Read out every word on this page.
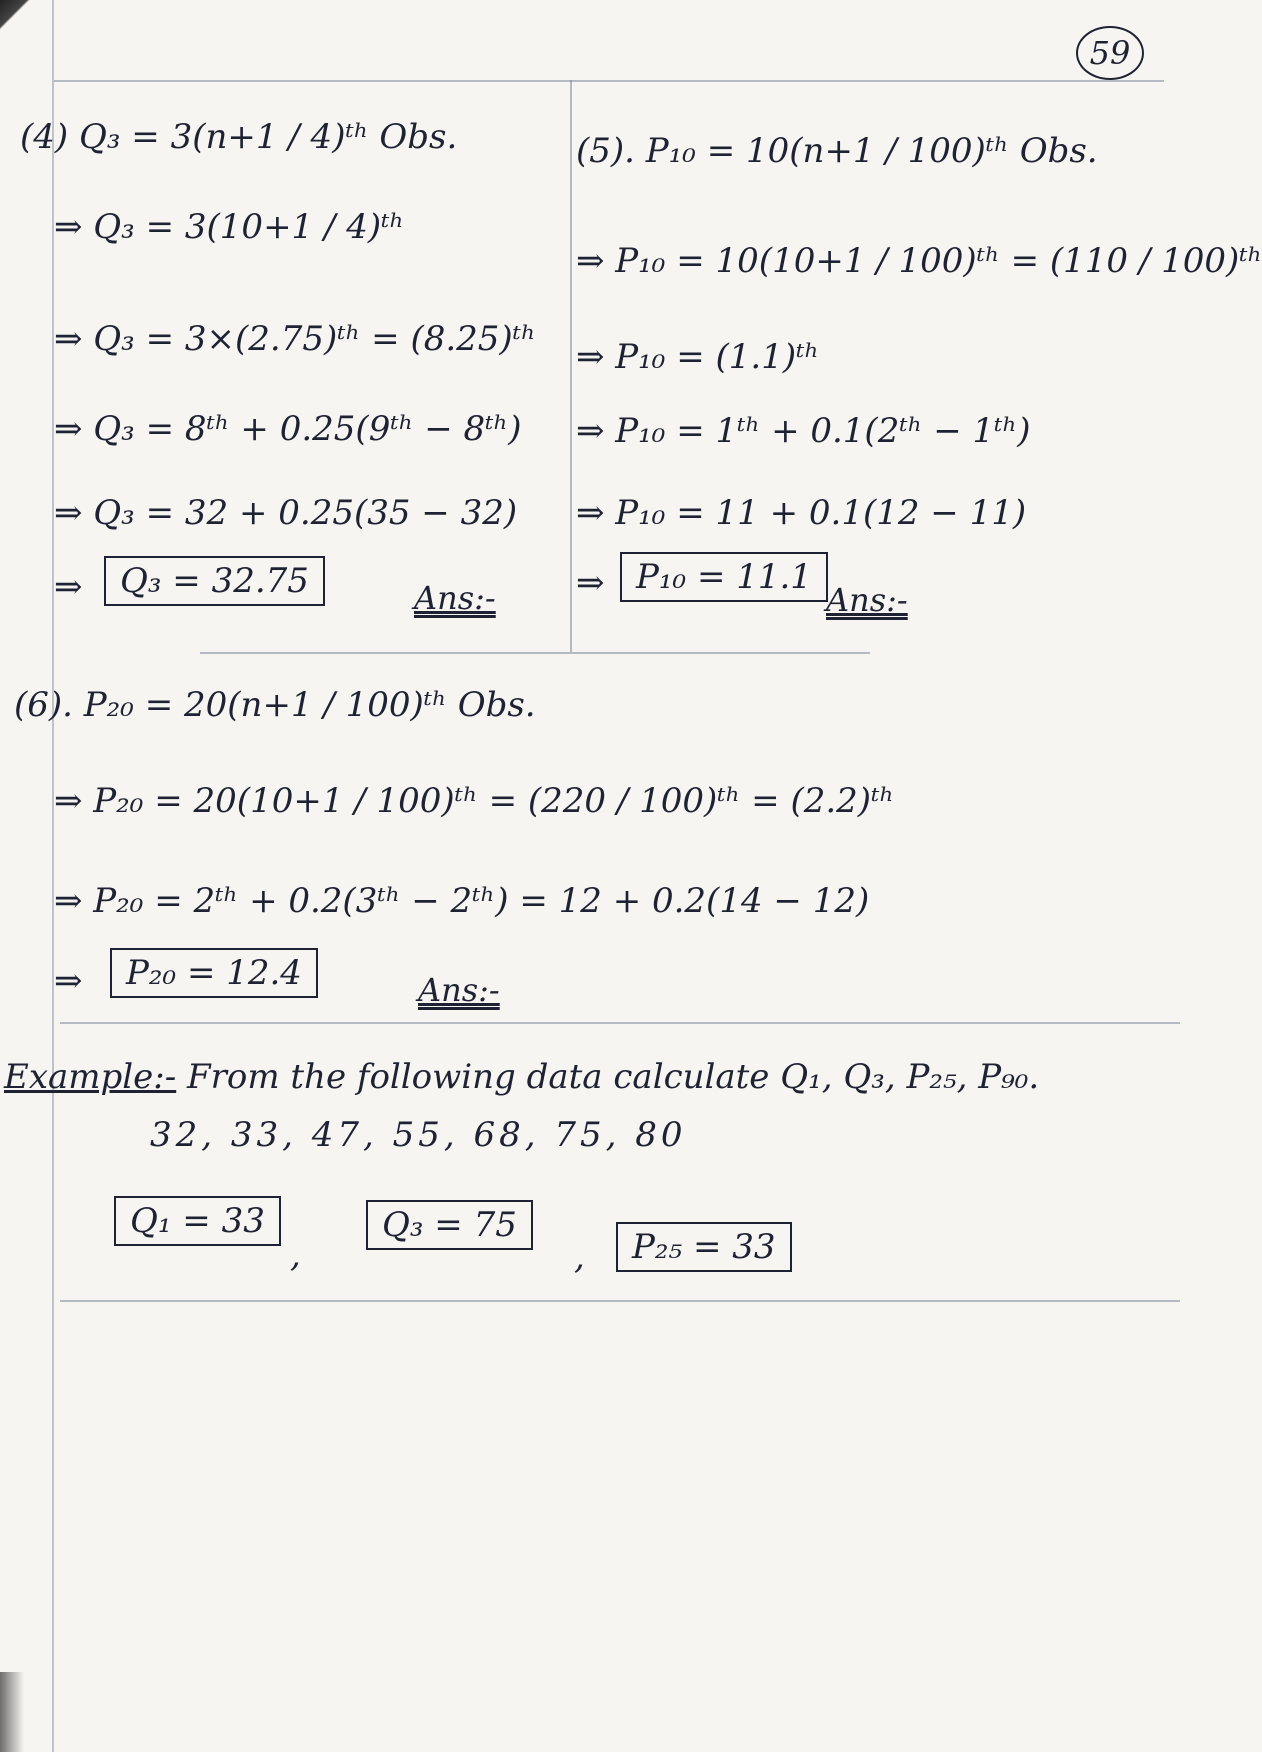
59
(4) Q₃ = 3(n+1 / 4)ᵗʰ Obs.
⇒ Q₃ = 3(10+1 / 4)ᵗʰ
⇒ Q₃ = 3×(2.75)ᵗʰ = (8.25)ᵗʰ
⇒ Q₃ = 8ᵗʰ + 0.25(9ᵗʰ − 8ᵗʰ)
⇒ Q₃ = 32 + 0.25(35 − 32)
⇒	Q₃ = 32.75	Ans:-
(5). P₁₀ = 10(n+1 / 100)ᵗʰ Obs.
⇒ P₁₀ = 10(10+1 / 100)ᵗʰ = (110 / 100)ᵗʰ
⇒ P₁₀ = (1.1)ᵗʰ
⇒ P₁₀ = 1ᵗʰ + 0.1(2ᵗʰ − 1ᵗʰ)
⇒ P₁₀ = 11 + 0.1(12 − 11)
⇒ P₁₀ = 11.1
Ans:-
(6). P₂₀ = 20(n+1 / 100)ᵗʰ Obs.
⇒ P₂₀ = 20(10+1 / 100)ᵗʰ = (220 / 100)ᵗʰ = (2.2)ᵗʰ
⇒ P₂₀ = 2ᵗʰ + 0.2(3ᵗʰ − 2ᵗʰ) = 12 + 0.2(14 − 12)
⇒	P₂₀ = 12.4	Ans:-
Example:- From the following data calculate Q₁, Q₃, P₂₅, P₉₀.
32, 33, 47, 55, 68, 75, 80
Q₁ = 33
,
Q₃ = 75
,	P₂₅ = 33
